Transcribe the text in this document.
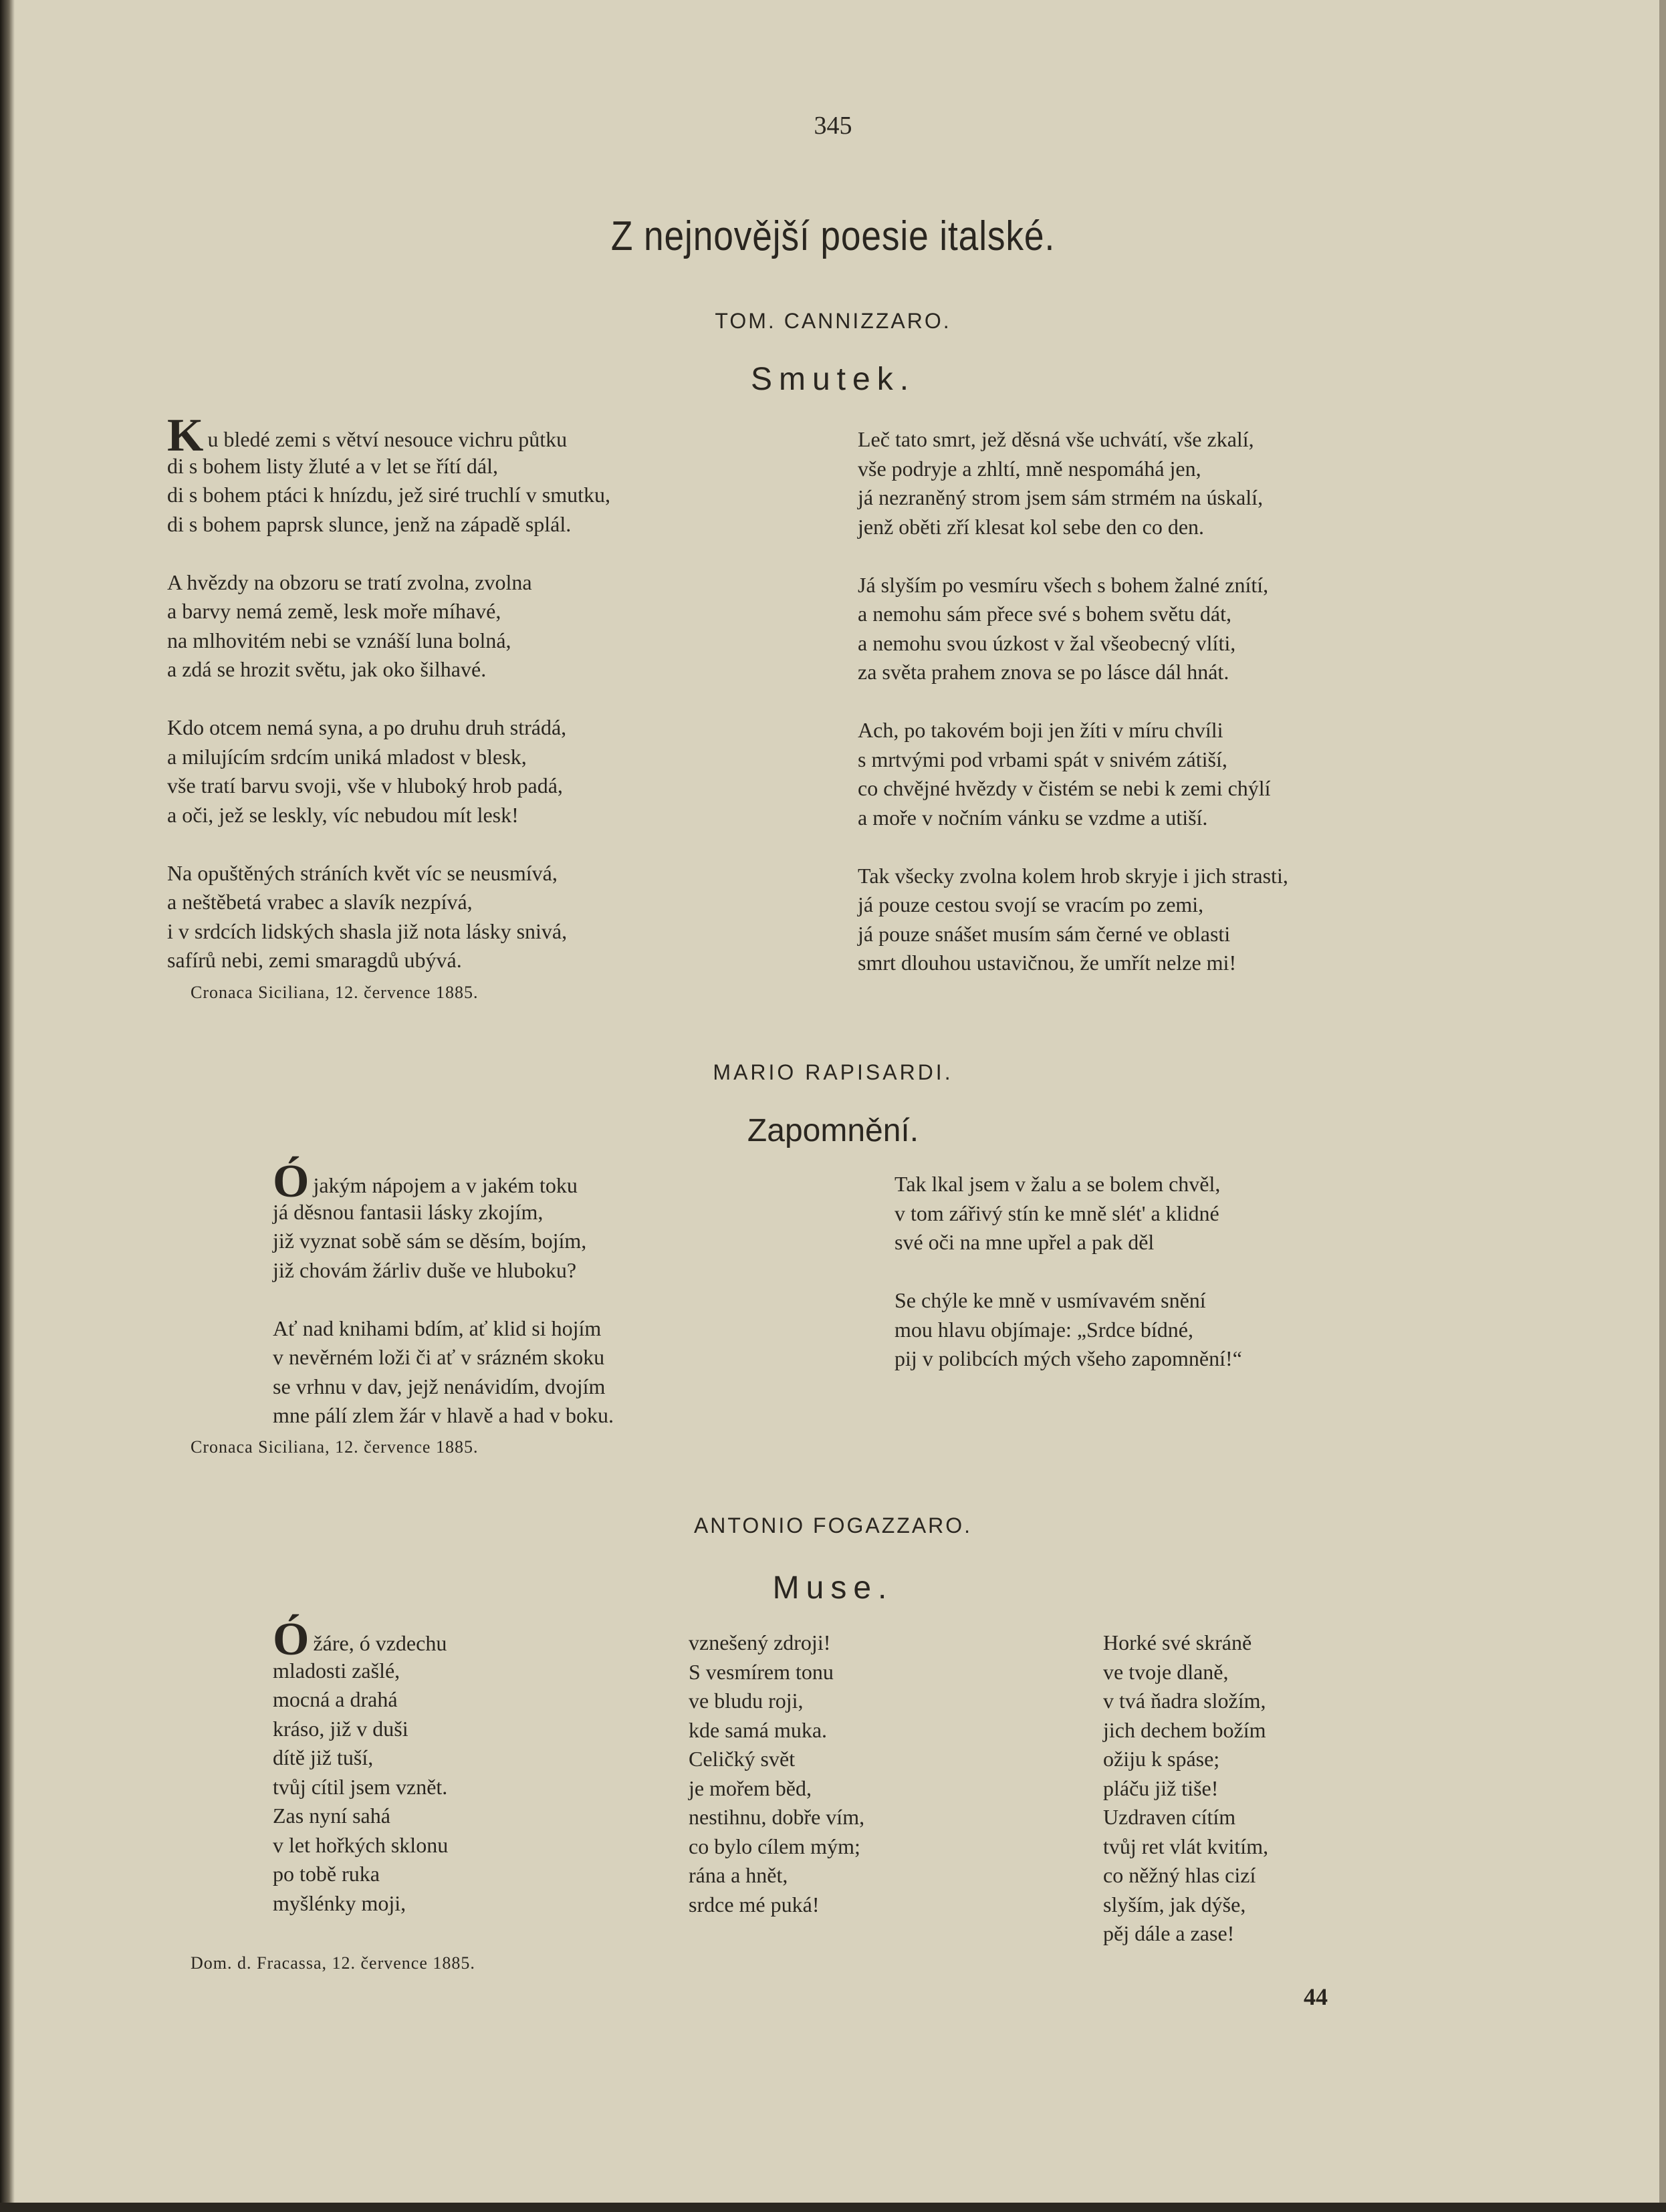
345
Z nejnovější poesie italské.
TOM. CANNIZZARO.
Smutek.
Ku bledé zemi s větví nesouce vichru půtku
di s bohem listy žluté a v let se řítí dál,
di s bohem ptáci k hnízdu, jež siré truchlí v smutku,
di s bohem paprsk slunce, jenž na západě splál.
A hvězdy na obzoru se tratí zvolna, zvolna
a barvy nemá země, lesk moře míhavé,
na mlhovitém nebi se vznáší luna bolná,
a zdá se hrozit světu, jak oko šilhavé.
Kdo otcem nemá syna, a po druhu druh strádá,
a milujícím srdcím uniká mladost v blesk,
vše tratí barvu svoji, vše v hluboký hrob padá,
a oči, jež se leskly, víc nebudou mít lesk!
Na opuštěných stráních květ víc se neusmívá,
a neštěbetá vrabec a slavík nezpívá,
i v srdcích lidských shasla již nota lásky snivá,
safírů nebi, zemi smaragdů ubývá.
Leč tato smrt, jež děsná vše uchvátí, vše zkalí,
vše podryje a zhltí, mně nespomáhá jen,
já nezraněný strom jsem sám strmém na úskalí,
jenž oběti zří klesat kol sebe den co den.
Já slyším po vesmíru všech s bohem žalné znítí,
a nemohu sám přece své s bohem světu dát,
a nemohu svou úzkost v žal všeobecný vlíti,
za světa prahem znova se po lásce dál hnát.
Ach, po takovém boji jen žíti v míru chvíli
s mrtvými pod vrbami spát v snivém zátiší,
co chvějné hvězdy v čistém se nebi k zemi chýlí
a moře v nočním vánku se vzdme a utiší.
Tak všecky zvolna kolem hrob skryje i jich strasti,
já pouze cestou svojí se vracím po zemi,
já pouze snášet musím sám černé ve oblasti
smrt dlouhou ustavičnou, že umřít nelze mi!
Cronaca Siciliana, 12. července 1885.
MARIO RAPISARDI.
Zapomnění.
Ójakým nápojem a v jakém toku
já děsnou fantasii lásky zkojím,
již vyznat sobě sám se děsím, bojím,
již chovám žárliv duše ve hluboku?
Ať nad knihami bdím, ať klid si hojím
v nevěrném loži či ať v srázném skoku
se vrhnu v dav, jejž nenávidím, dvojím
mne pálí zlem žár v hlavě a had v boku.
Tak lkal jsem v žalu a se bolem chvěl,
v tom zářivý stín ke mně slét' a klidné
své oči na mne upřel a pak děl
Se chýle ke mně v usmívavém snění
mou hlavu objímaje: „Srdce bídné,
pij v polibcích mých všeho zapomnění!“
Cronaca Siciliana, 12. července 1885.
ANTONIO FOGAZZARO.
Muse.
Óžáre, ó vzdechu
mladosti zašlé,
mocná a drahá
kráso, již v duši
dítě již tuší,
tvůj cítil jsem vznět.
Zas nyní sahá
v let hořkých sklonu
po tobě ruka
myšlénky moji,
vznešený zdroji!
S vesmírem tonu
ve bludu roji,
kde samá muka.
Celičký svět
je mořem běd,
nestihnu, dobře vím,
co bylo cílem mým;
rána a hnět,
srdce mé puká!
Horké své skráně
ve tvoje dlaně,
v tvá ňadra složím,
jich dechem božím
ožiju k spáse;
pláču již tiše!
Uzdraven cítím
tvůj ret vlát kvitím,
co něžný hlas cizí
slyším, jak dýše,
pěj dále a zase!
Dom. d. Fracassa, 12. července 1885.
44
